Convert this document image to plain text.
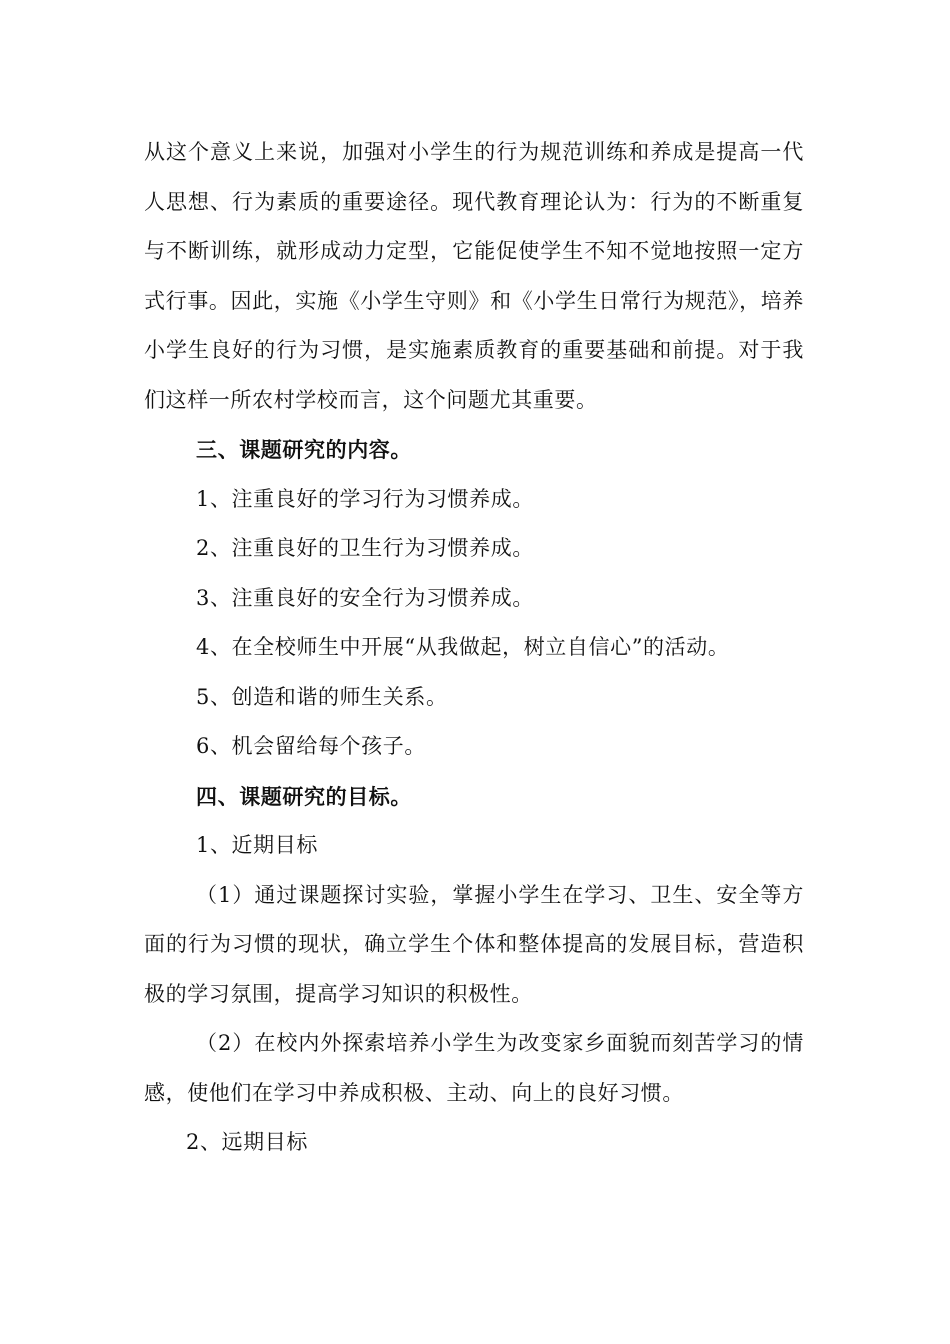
从这个意义上来说，加强对小学生的行为规范训练和养成是提高一代人思想、行为素质的重要途径。现代教育理论认为：行为的不断重复与不断训练，就形成动力定型，它能促使学生不知不觉地按照一定方式行事。因此，实施《小学生守则》和《小学生日常行为规范》，培养小学生良好的行为习惯，是实施素质教育的重要基础和前提。对于我们这样一所农村学校而言，这个问题尤其重要。

三、课题研究的内容。

1、注重良好的学习行为习惯养成。

2、注重良好的卫生行为习惯养成。

3、注重良好的安全行为习惯养成。

4、在全校师生中开展“从我做起，树立自信心”的活动。

5、创造和谐的师生关系。

6、机会留给每个孩子。

四、课题研究的目标。

1、近期目标

（1）通过课题探讨实验，掌握小学生在学习、卫生、安全等方面的行为习惯的现状，确立学生个体和整体提高的发展目标，营造积极的学习氛围，提高学习知识的积极性。

（2）在校内外探索培养小学生为改变家乡面貌而刻苦学习的情感，使他们在学习中养成积极、主动、向上的良好习惯。

2、远期目标
